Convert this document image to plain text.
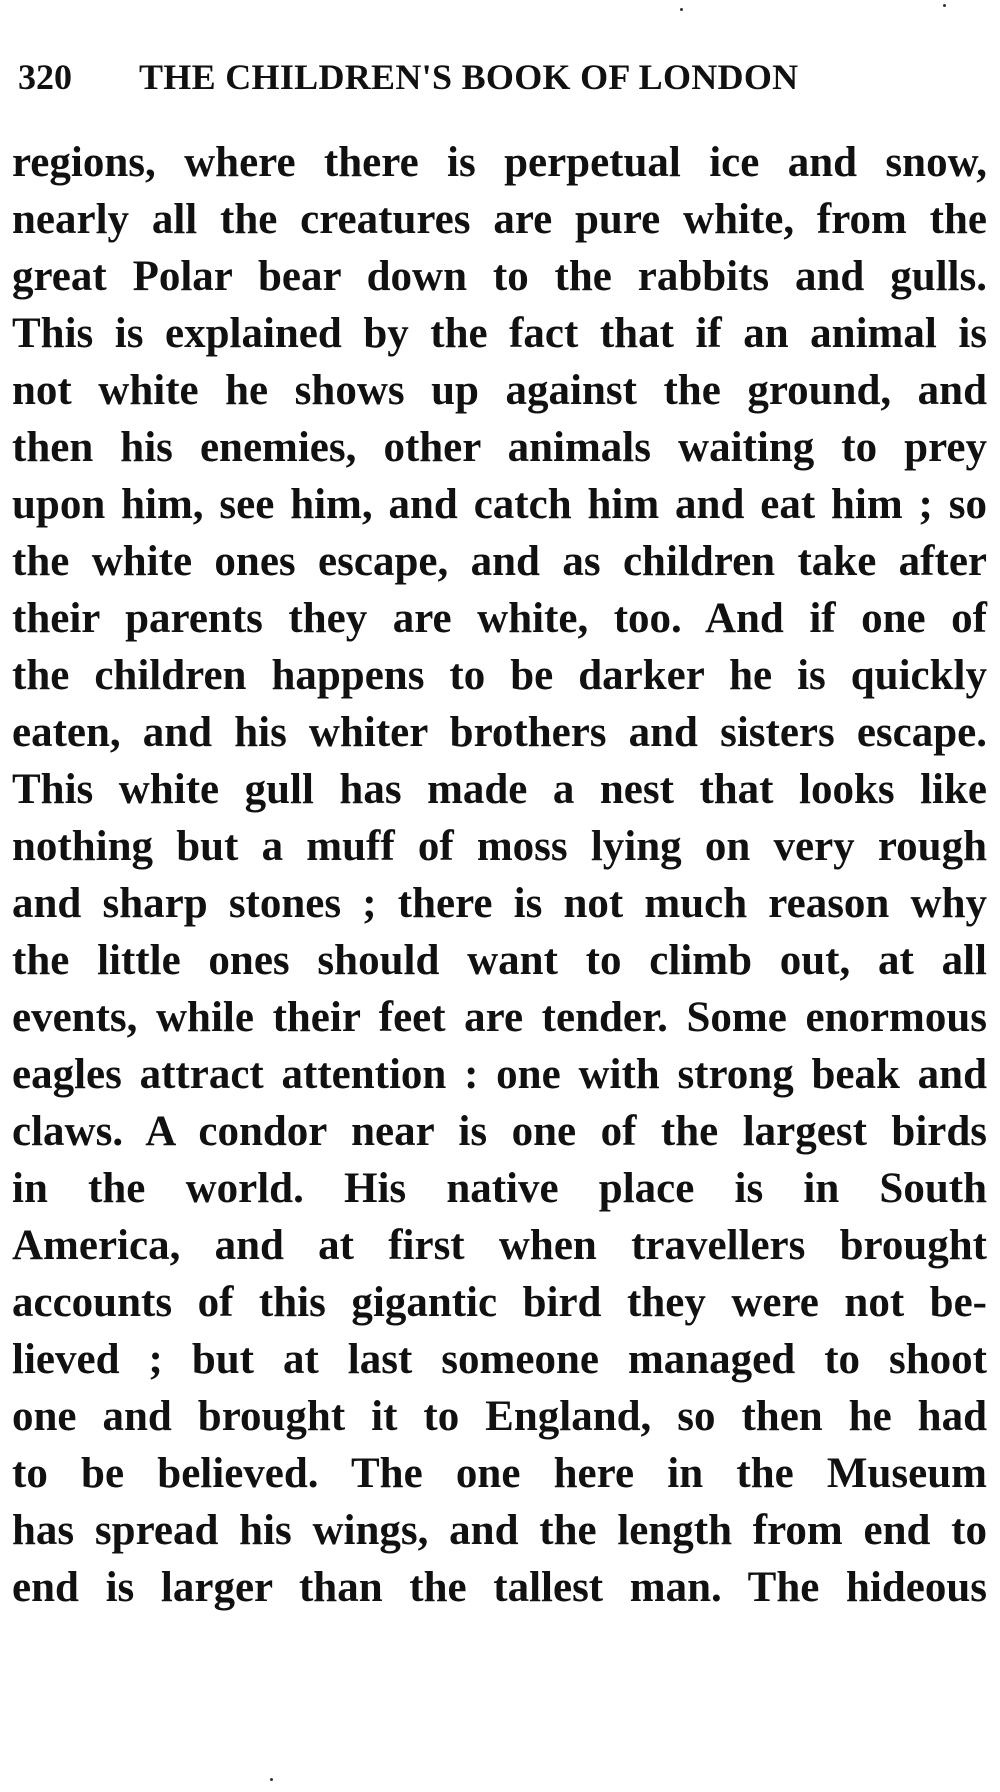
320 THE CHILDREN'S BOOK OF LONDON
regions, where there is perpetual ice and snow,
nearly all the creatures are pure white, from the
great Polar bear down to the rabbits and gulls.
This is explained by the fact that if an animal is
not white he shows up against the ground, and
then his enemies, other animals waiting to prey
upon him, see him, and catch him and eat him ; so
the white ones escape, and as children take after
their parents they are white, too. And if one of
the children happens to be darker he is quickly
eaten, and his whiter brothers and sisters escape.
This white gull has made a nest that looks like
nothing but a muff of moss lying on very rough
and sharp stones ; there is not much reason why
the little ones should want to climb out, at all
events, while their feet are tender. Some enormous
eagles attract attention : one with strong beak and
claws. A condor near is one of the largest birds
in the world. His native place is in South
America, and at first when travellers brought
accounts of this gigantic bird they were not be-
lieved ; but at last someone managed to shoot
one and brought it to England, so then he had
to be believed. The one here in the Museum
has spread his wings, and the length from end to
end is larger than the tallest man. The hideous
